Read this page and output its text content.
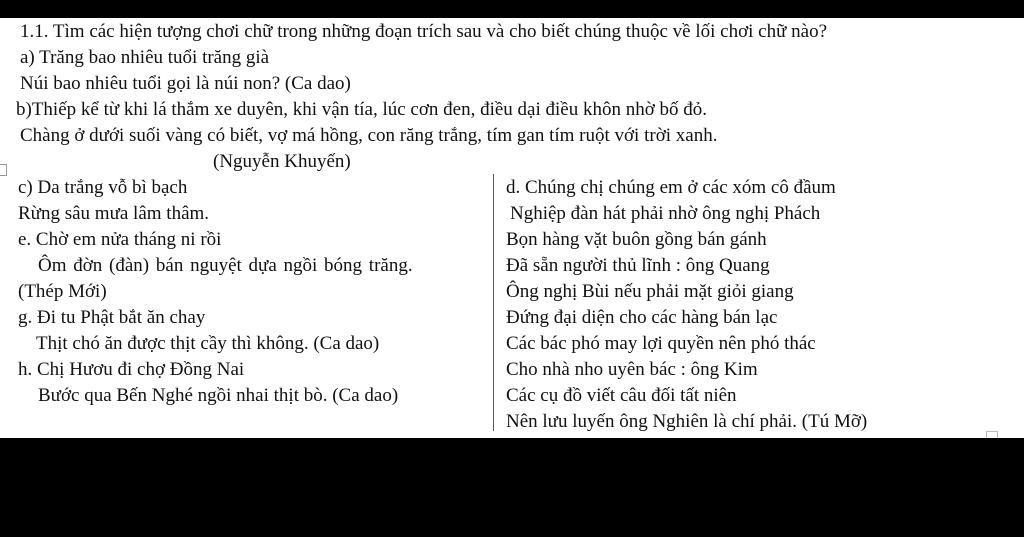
1.1. Tìm các hiện tượng chơi chữ trong những đoạn trích sau và cho biết chúng thuộc về lối chơi chữ nào?
a) Trăng bao nhiêu tuổi trăng già
Núi bao nhiêu tuổi gọi là núi non? (Ca dao)
b)Thiếp kể từ khi lá thắm xe duyên, khi vận tía, lúc cơn đen, điều dại điều khôn nhờ bố đỏ.
Chàng ở dưới suối vàng có biết, vợ má hồng, con răng trắng, tím gan tím ruột với trời xanh.
(Nguyễn Khuyến)
c) Da trắng vỗ bì bạch
Rừng sâu mưa lâm thâm.
e. Chờ em nửa tháng ni rồi
Ôm đờn (đàn) bán nguyệt dựa ngồi bóng trăng.
(Thép Mới)
g. Đi tu Phật bắt ăn chay
Thịt chó ăn được thịt cầy thì không. (Ca dao)
h. Chị Hươu đi chợ Đồng Nai
Bước qua Bến Nghé ngồi nhai thịt bò. (Ca dao)
d. Chúng chị chúng em ở các xóm cô đầum
Nghiệp đàn hát phải nhờ ông nghị Phách
Bọn hàng vặt buôn gồng bán gánh
Đã sẵn người thủ lĩnh : ông Quang
Ông nghị Bùi nếu phải mặt giỏi giang
Đứng đại diện cho các hàng bán lạc
Các bác phó may lợi quyền nên phó thác
Cho nhà nho uyên bác : ông Kim
Các cụ đồ viết câu đối tất niên
Nên lưu luyến ông Nghiên là chí phải. (Tú Mỡ)
